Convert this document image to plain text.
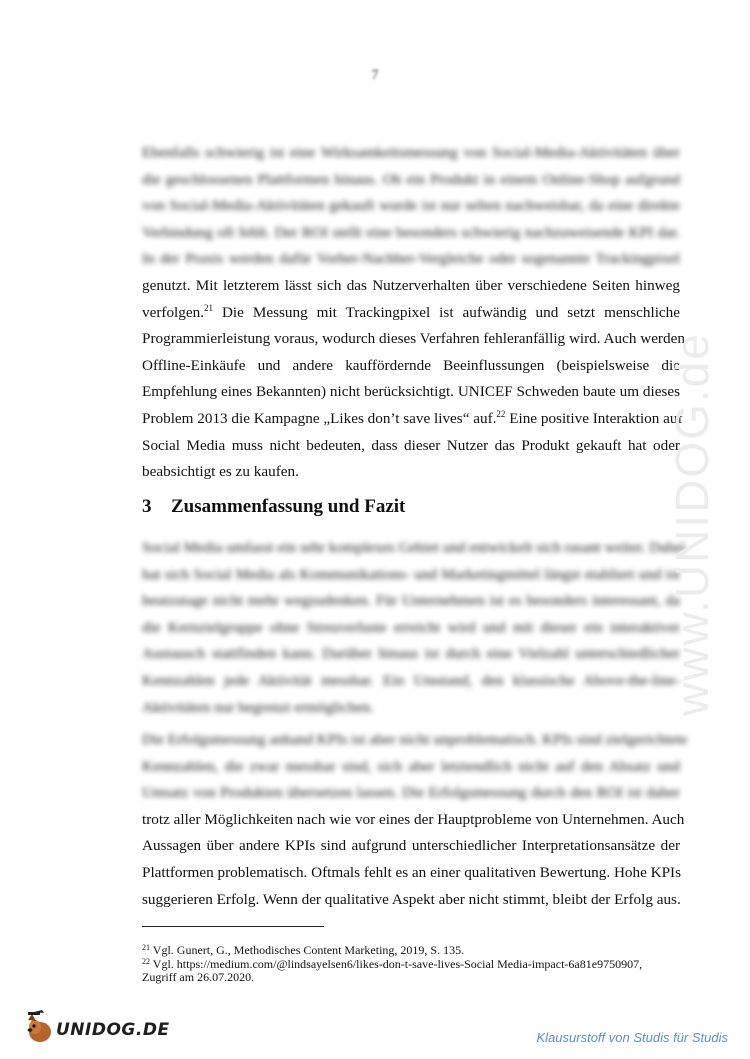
7
Ebenfalls schwierig ist eine Wirksamkeitsmessung von Social-Media-Aktivitäten über
die geschlossenen Plattformen hinaus. Ob ein Produkt in einem Online-Shop aufgrund
von Social-Media-Aktivitäten gekauft wurde ist nur selten nachweisbar, da eine direkte
Verbindung oft fehlt. Der ROI stellt eine besonders schwierig nachzuweisende KPI dar.
In der Praxis werden dafür Vorher-Nachher-Vergleiche oder sogenannte Trackingpixel
genutzt. Mit letzterem lässt sich das Nutzerverhalten über verschiedene Seiten hinweg
verfolgen.$^{21}$ Die Messung mit Trackingpixel ist aufwändig und setzt menschliche
Programmierleistung voraus, wodurch dieses Verfahren fehleranfällig wird. Auch werden
Offline-Einkäufe und andere kauffördernde Beeinflussungen (beispielsweise die
Empfehlung eines Bekannten) nicht berücksichtigt. UNICEF Schweden baute um dieses
Problem 2013 die Kampagne „Likes don’t save lives“ auf.$^{22}$ Eine positive Interaktion auf
Social Media muss nicht bedeuten, dass dieser Nutzer das Produkt gekauft hat oder
beabsichtigt es zu kaufen.
3 Zusammenfassung und Fazit
Social Media umfasst ein sehr komplexes Gebiet und entwickelt sich rasant weiter. Dabei
hat sich Social Media als Kommunikations- und Marketingmittel längst etabliert und ist
heutzutage nicht mehr wegzudenken. Für Unternehmen ist es besonders interessant, da
die Kernzielgruppe ohne Streuverluste erreicht wird und mit dieser ein interaktiver
Austausch stattfinden kann. Darüber hinaus ist durch eine Vielzahl unterschiedlicher
Kennzahlen jede Aktivität messbar. Ein Umstand, den klassische Above-the-line-
Aktivitäten nur begrenzt ermöglichen.
Die Erfolgsmessung anhand KPIs ist aber nicht unproblematisch. KPIs sind zielgerichtete
Kennzahlen, die zwar messbar sind, sich aber letztendlich nicht auf den Absatz und
Umsatz von Produkten übersetzen lassen. Die Erfolgsmessung durch den ROI ist daher
trotz aller Möglichkeiten nach wie vor eines der Hauptprobleme von Unternehmen. Auch
Aussagen über andere KPIs sind aufgrund unterschiedlicher Interpretationsansätze der
Plattformen problematisch. Oftmals fehlt es an einer qualitativen Bewertung. Hohe KPIs
suggerieren Erfolg. Wenn der qualitative Aspekt aber nicht stimmt, bleibt der Erfolg aus.
$^{21}$ Vgl. Gunert, G., Methodisches Content Marketing, 2019, S. 135.
$^{22}$ Vgl. https://medium.com/@lindsayelsen6/likes-don-t-save-lives-Social Media-impact-6a81e9750907,
Zugriff am 26.07.2020.
www.UNIDOG.de
UNIDOG.DE	Klausurstoff von Studis für Studis
